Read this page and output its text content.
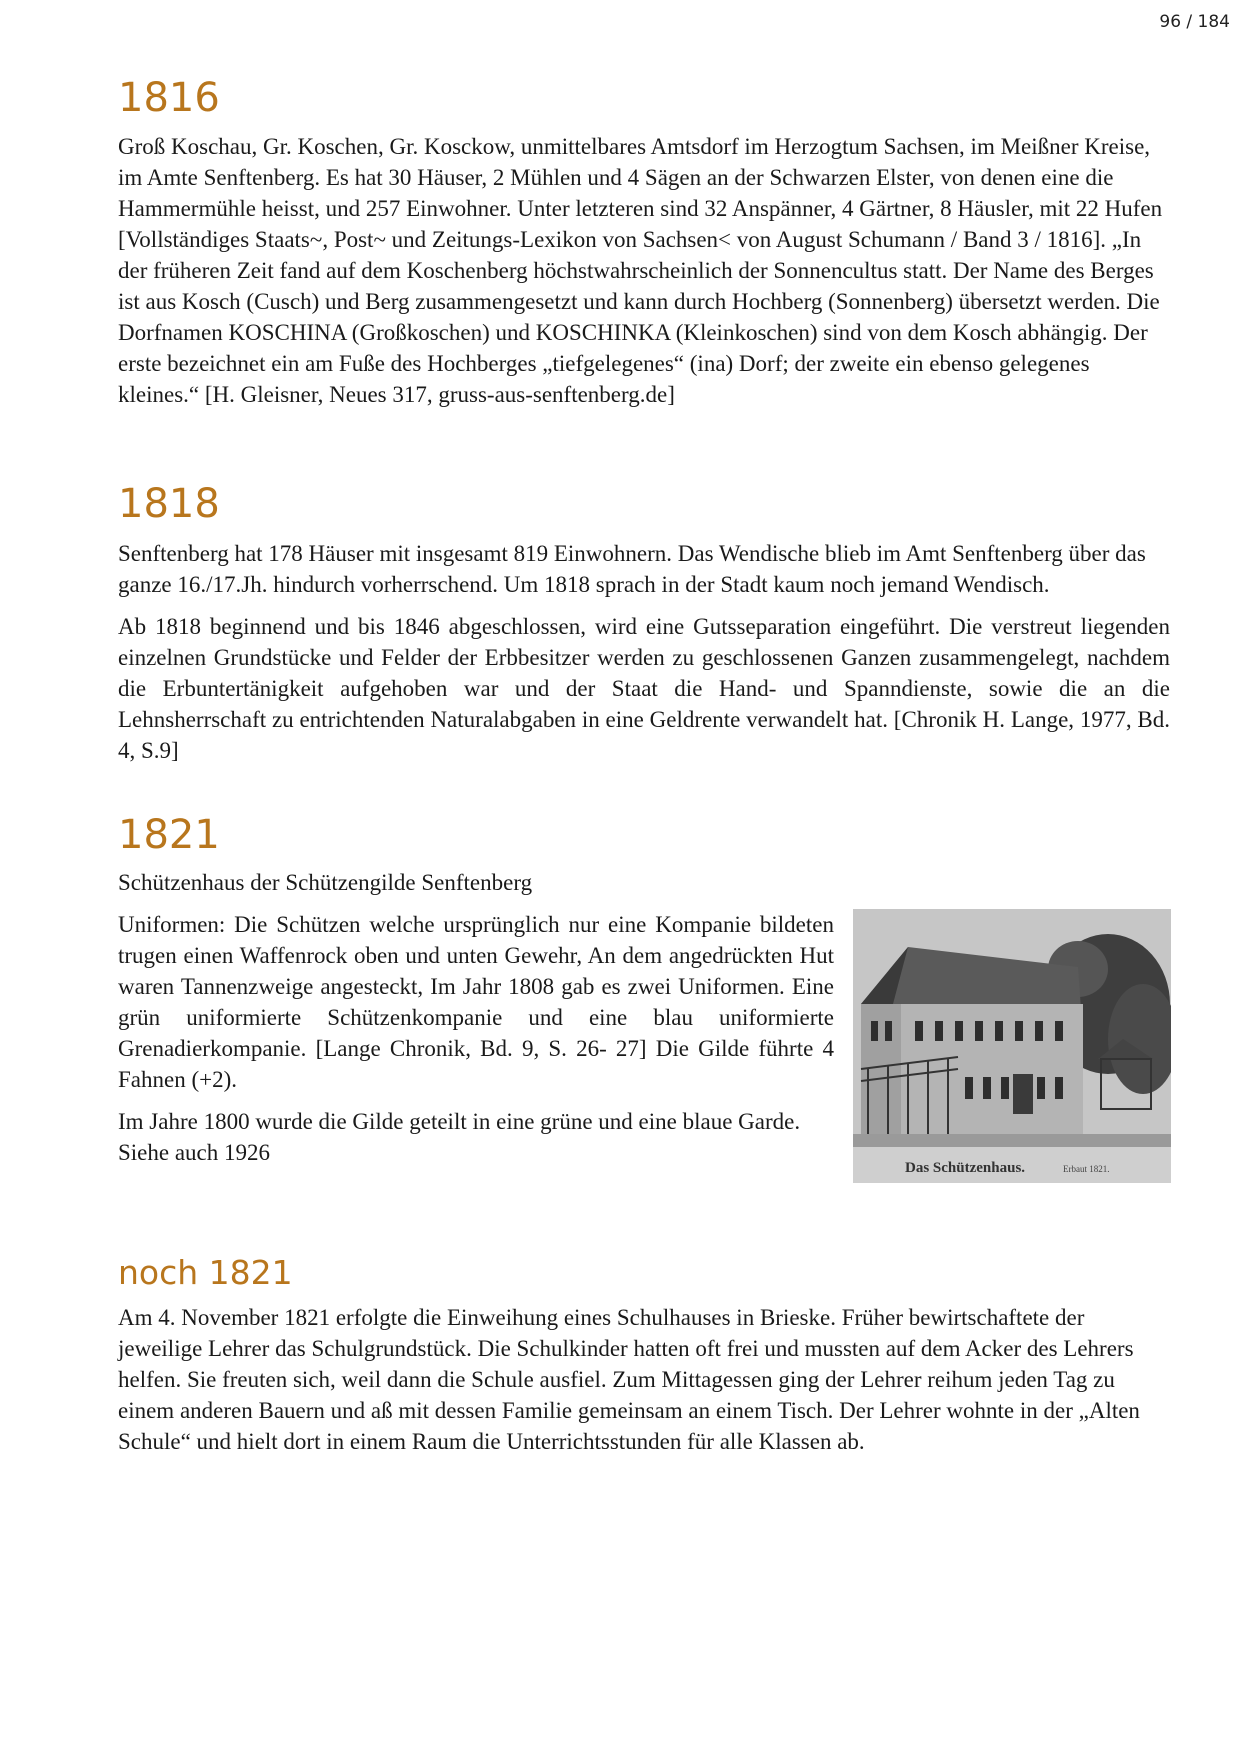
96 / 184
1816

Groß Koschau, Gr. Koschen, Gr. Kosckow, unmittelbares Amtsdorf im Herzogtum Sachsen, im Meißner Kreise, im Amte Senftenberg. Es hat 30 Häuser, 2 Mühlen und 4 Sägen an der Schwarzen Elster, von denen eine die Hammermühle heisst, und 257 Einwohner. Unter letzteren sind 32 Anspänner, 4 Gärtner, 8 Häusler, mit 22 Hufen [Vollständiges Staats~, Post~ und Zeitungs-Lexikon von Sachsen< von August Schumann / Band 3 / 1816]. „In der früheren Zeit fand auf dem Koschenberg höchstwahrscheinlich der Sonnencultus statt. Der Name des Berges ist aus Kosch (Cusch) und Berg zusammengesetzt und kann durch Hochberg (Sonnenberg) übersetzt werden. Die Dorfnamen KOSCHINA (Großkoschen) und KOSCHINKA (Kleinkoschen) sind von dem Kosch abhängig. Der erste bezeichnet ein am Fuße des Hochberges „tiefgelegenes“ (ina) Dorf; der zweite ein ebenso gelegenes kleines.“ [H. Gleisner, Neues 317, gruss-aus-senftenberg.de]

1818

Senftenberg hat 178 Häuser mit insgesamt 819 Einwohnern. Das Wendische blieb im Amt Senftenberg über das ganze 16./17.Jh. hindurch vorherrschend. Um 1818 sprach in der Stadt kaum noch jemand Wendisch.

Ab 1818 beginnend und bis 1846 abgeschlossen, wird eine Gutsseparation eingeführt. Die verstreut liegenden einzelnen Grundstücke und Felder der Erbbesitzer werden zu geschlossenen Ganzen zusammengelegt, nachdem die Erbuntertänigkeit aufgehoben war und der Staat die Hand- und Spanndienste, sowie die an die Lehnsherrschaft zu entrichtenden Naturalabgaben in eine Geldrente verwandelt hat. [Chronik H. Lange, 1977, Bd. 4, S.9]

1821

Schützenhaus der Schützengilde Senftenberg

Uniformen: Die Schützen welche ursprünglich nur eine Kompanie bildeten trugen einen Waffenrock oben und unten Gewehr, An dem angedrückten Hut waren Tannenzweige angesteckt, Im Jahr 1808 gab es zwei Uniformen. Eine grün uniformierte Schützenkompanie und eine blau uniformierte Grenadierkompanie. [Lange Chronik, Bd. 9, S. 26- 27] Die Gilde führte 4 Fahnen (+2).

Im Jahre 1800 wurde die Gilde geteilt in eine grüne und eine blaue Garde. Siehe auch 1926

Das Schützenhaus.	Erbaut 1821.
noch 1821

Am 4. November 1821 erfolgte die Einweihung eines Schulhauses in Brieske. Früher bewirtschaftete der jeweilige Lehrer das Schulgrundstück. Die Schulkinder hatten oft frei und mussten auf dem Acker des Lehrers helfen. Sie freuten sich, weil dann die Schule ausfiel. Zum Mittagessen ging der Lehrer reihum jeden Tag zu einem anderen Bauern und aß mit dessen Familie gemeinsam an einem Tisch. Der Lehrer wohnte in der „Alten Schule“ und hielt dort in einem Raum die Unterrichtsstunden für alle Klassen ab.
